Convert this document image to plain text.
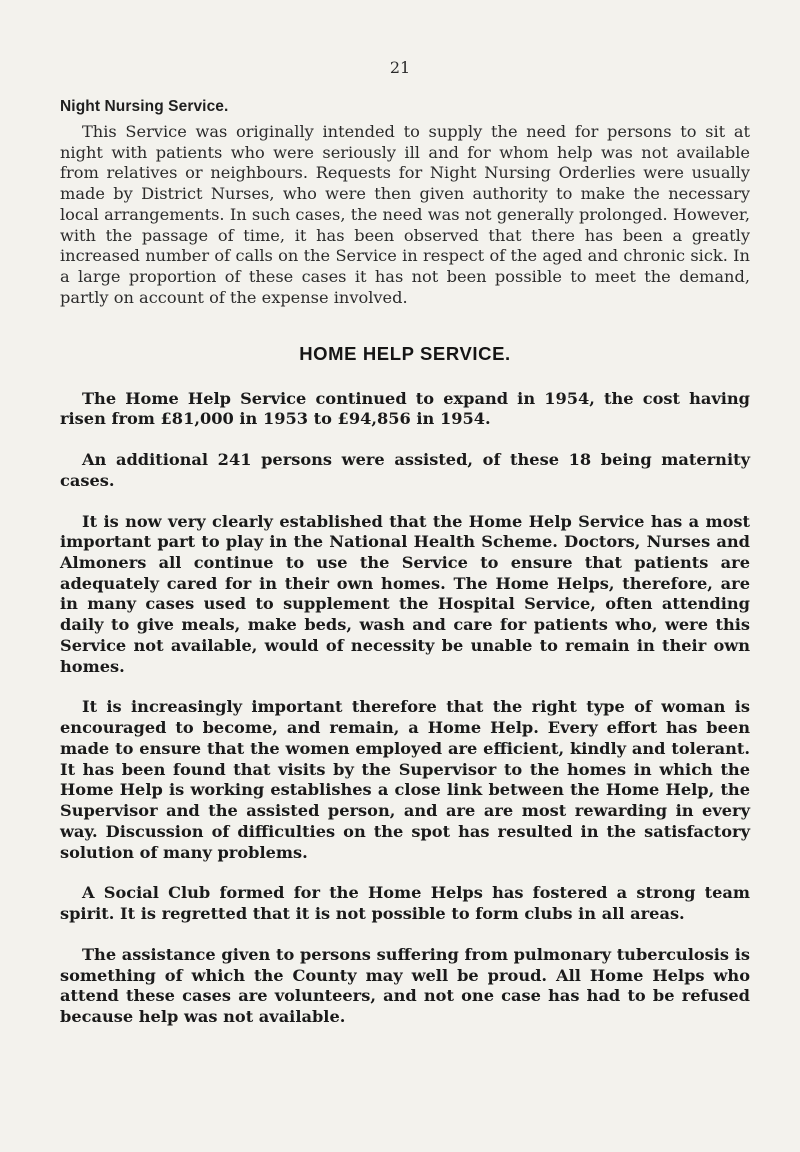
21
Night Nursing Service.

This Service was originally intended to supply the need for persons to sit at night with patients who were seriously ill and for whom help was not available from relatives or neighbours. Requests for Night Nursing Orderlies were usually made by District Nurses, who were then given authority to make the necessary local arrangements. In such cases, the need was not generally prolonged. However, with the passage of time, it has been observed that there has been a greatly increased number of calls on the Service in respect of the aged and chronic sick. In a large proportion of these cases it has not been possible to meet the demand, partly on account of the expense involved.

HOME HELP SERVICE.

The Home Help Service continued to expand in 1954, the cost having risen from £81,000 in 1953 to £94,856 in 1954.

An additional 241 persons were assisted, of these 18 being maternity cases.

It is now very clearly established that the Home Help Service has a most important part to play in the National Health Scheme. Doctors, Nurses and Almoners all continue to use the Service to ensure that patients are adequately cared for in their own homes. The Home Helps, therefore, are in many cases used to supplement the Hospital Service, often attending daily to give meals, make beds, wash and care for patients who, were this Service not available, would of necessity be unable to remain in their own homes.

It is increasingly important therefore that the right type of woman is encouraged to become, and remain, a Home Help. Every effort has been made to ensure that the women employed are efficient, kindly and tolerant. It has been found that visits by the Supervisor to the homes in which the Home Help is working establishes a close link between the Home Help, the Supervisor and the assisted person, and are are most rewarding in every way. Discussion of difficulties on the spot has resulted in the satisfactory solution of many problems.

A Social Club formed for the Home Helps has fostered a strong team spirit. It is regretted that it is not possible to form clubs in all areas.

The assistance given to persons suffering from pulmonary tuberculosis is something of which the County may well be proud. All Home Helps who attend these cases are volunteers, and not one case has had to be refused because help was not available.
